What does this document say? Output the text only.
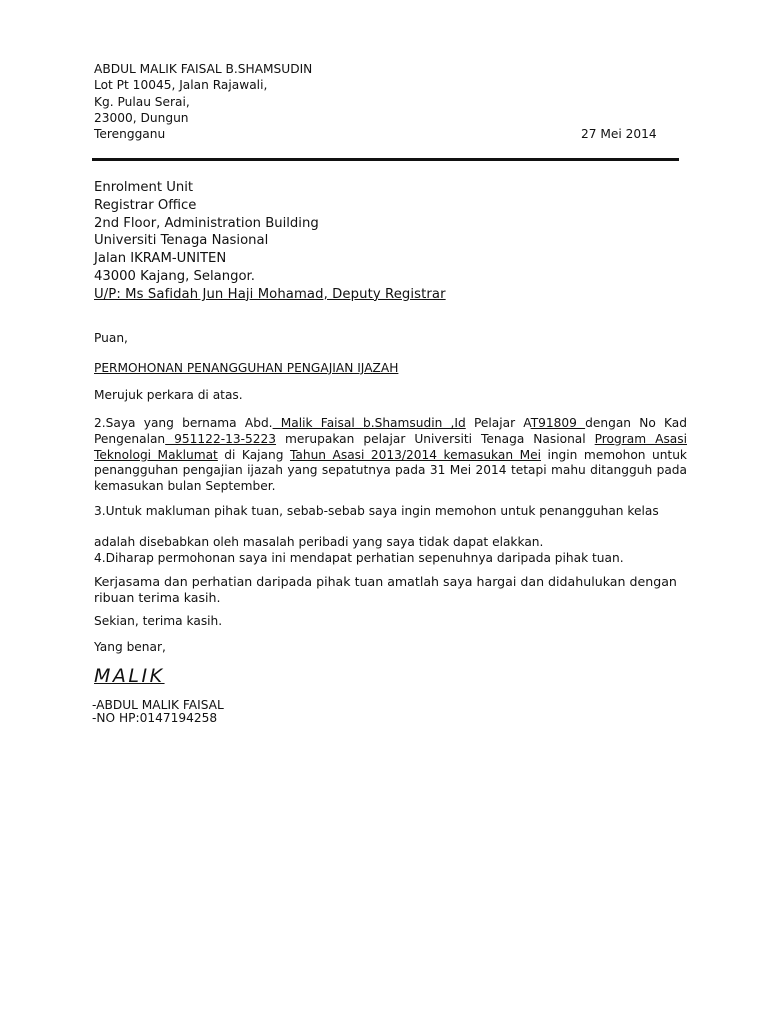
ABDUL MALIK FAISAL B.SHAMSUDIN
Lot Pt 10045, Jalan Rajawali,
Kg. Pulau Serai,
23000, Dungun
Terengganu	27 Mei 2014
Enrolment Unit
Registrar Office
2nd Floor, Administration Building
Universiti Tenaga Nasional
Jalan IKRAM-UNITEN
43000 Kajang, Selangor.
U/P: Ms Safidah Jun Haji Mohamad, Deputy Registrar

Puan,

PERMOHONAN PENANGGUHAN PENGAJIAN IJAZAH

Merujuk perkara di atas.

2.Saya yang bernama Abd. Malik Faisal b.Shamsudin ,Id Pelajar AT91809 dengan No Kad Pengenalan 951122-13-5223 merupakan pelajar Universiti Tenaga Nasional Program Asasi Teknologi Maklumat di Kajang Tahun Asasi 2013/2014 kemasukan Mei ingin memohon untuk penangguhan pengajian ijazah yang sepatutnya pada 31 Mei 2014 tetapi mahu ditangguh pada kemasukan bulan September.

3.Untuk makluman pihak tuan, sebab-sebab saya ingin memohon untuk penangguhan kelas

adalah disebabkan oleh masalah peribadi yang saya tidak dapat elakkan.

4.Diharap permohonan saya ini mendapat perhatian sepenuhnya daripada pihak tuan.

Kerjasama dan perhatian daripada pihak tuan amatlah saya hargai dan didahulukan dengan ribuan terima kasih.

Sekian, terima kasih.

Yang benar,

MALIK

-ABDUL MALIK FAISAL

-NO HP:0147194258
